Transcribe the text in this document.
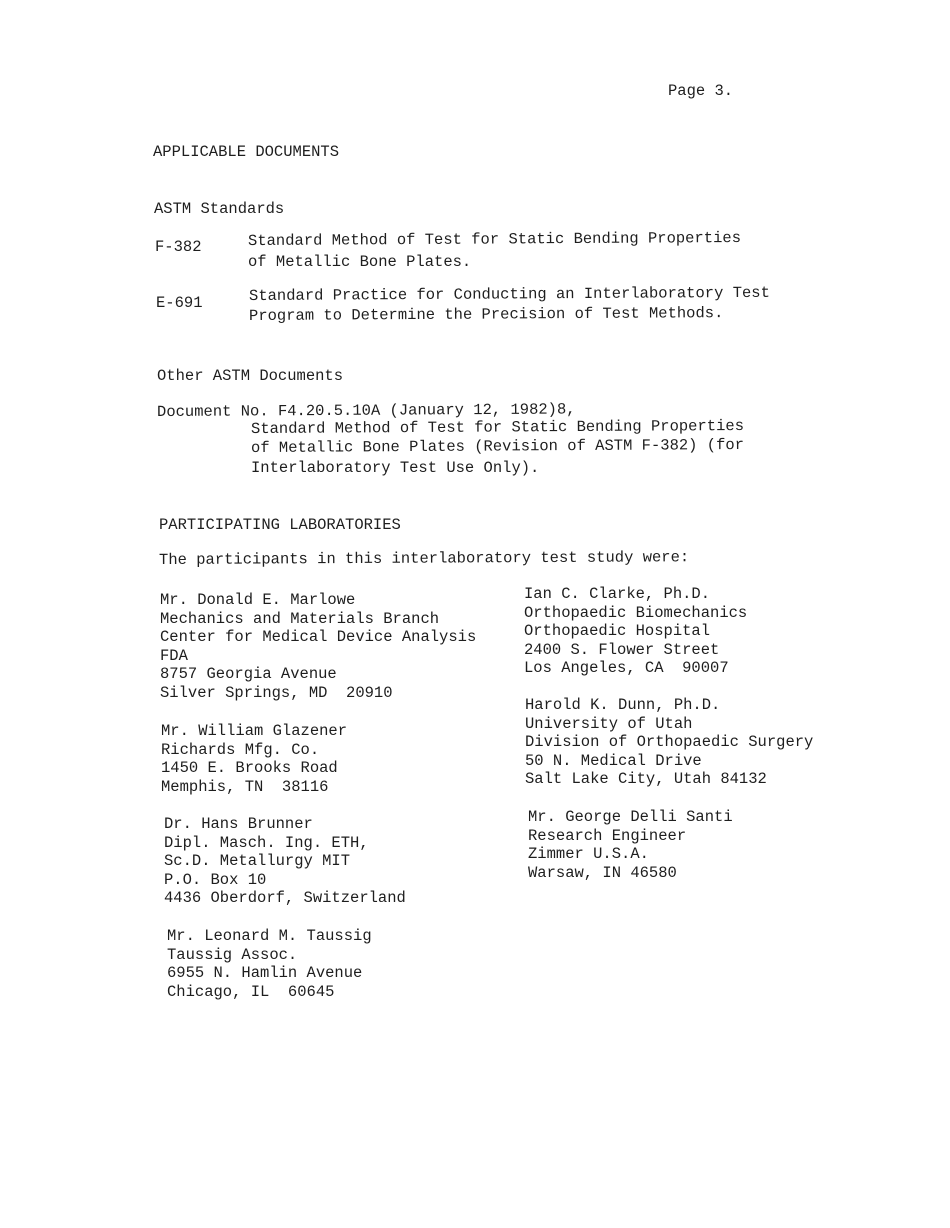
Page 3.
APPLICABLE DOCUMENTS
ASTM Standards
F-382	Standard Method of Test for Static Bending Properties
of Metallic Bone Plates.
E-691	Standard Practice for Conducting an Interlaboratory Test
Program to Determine the Precision of Test Methods.
Other ASTM Documents
Document No. F4.20.5.10A (January 12, 1982)8,
Standard Method of Test for Static Bending Properties
of Metallic Bone Plates (Revision of ASTM F-382) (for
Interlaboratory Test Use Only).
PARTICIPATING LABORATORIES
The participants in this interlaboratory test study were:
Mr. Donald E. Marlowe
Mechanics and Materials Branch
Center for Medical Device Analysis
FDA
8757 Georgia Avenue
Silver Springs, MD  20910
Mr. William Glazener
Richards Mfg. Co.
1450 E. Brooks Road
Memphis, TN  38116
Dr. Hans Brunner
Dipl. Masch. Ing. ETH,
Sc.D. Metallurgy MIT
P.O. Box 10
4436 Oberdorf, Switzerland
Mr. Leonard M. Taussig
Taussig Assoc.
6955 N. Hamlin Avenue
Chicago, IL  60645
Ian C. Clarke, Ph.D.
Orthopaedic Biomechanics
Orthopaedic Hospital
2400 S. Flower Street
Los Angeles, CA  90007
Harold K. Dunn, Ph.D.
University of Utah
Division of Orthopaedic Surgery
50 N. Medical Drive
Salt Lake City, Utah 84132
Mr. George Delli Santi
Research Engineer
Zimmer U.S.A.
Warsaw, IN 46580
